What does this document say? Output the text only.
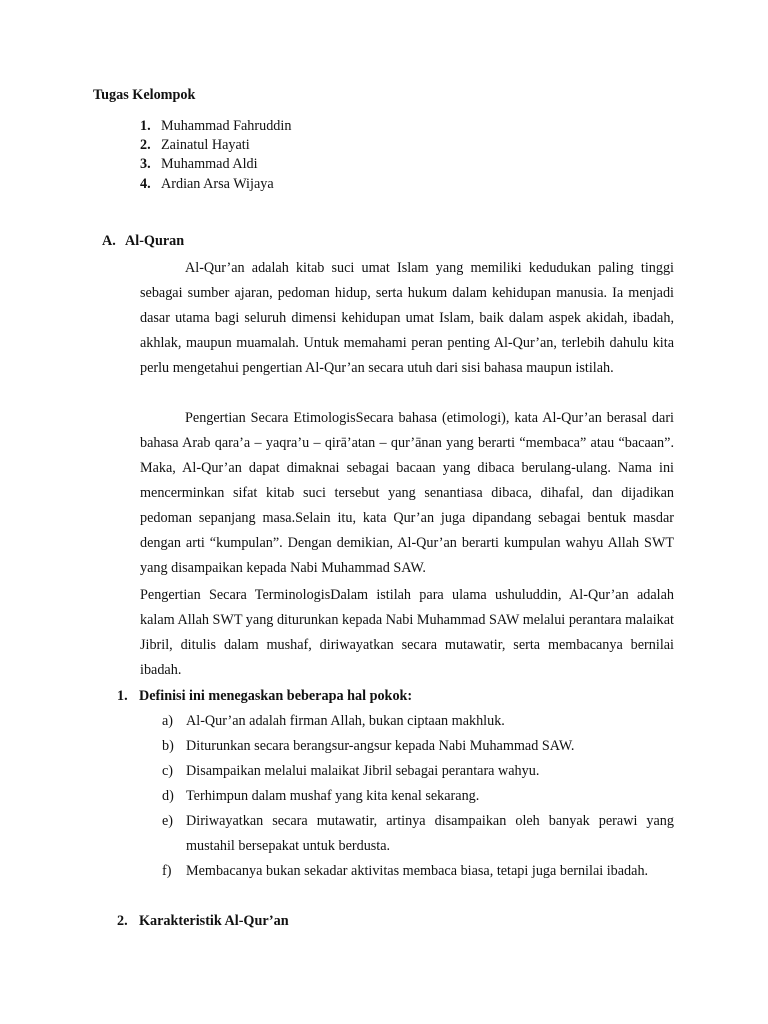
Tugas Kelompok
1. Muhammad Fahruddin
2. Zainatul Hayati
3. Muhammad Aldi
4. Ardian Arsa Wijaya
A. Al-Quran
Al-Qur’an adalah kitab suci umat Islam yang memiliki kedudukan paling tinggi sebagai sumber ajaran, pedoman hidup, serta hukum dalam kehidupan manusia. Ia menjadi dasar utama bagi seluruh dimensi kehidupan umat Islam, baik dalam aspek akidah, ibadah, akhlak, maupun muamalah. Untuk memahami peran penting Al-Qur’an, terlebih dahulu kita perlu mengetahui pengertian Al-Qur’an secara utuh dari sisi bahasa maupun istilah.
Pengertian Secara EtimologisSecara bahasa (etimologi), kata Al-Qur’an berasal dari bahasa Arab qara’a – yaqra’u – qirā’atan – qur’ānan yang berarti “membaca” atau “bacaan”. Maka, Al-Qur’an dapat dimaknai sebagai bacaan yang dibaca berulang-ulang. Nama ini mencerminkan sifat kitab suci tersebut yang senantiasa dibaca, dihafal, dan dijadikan pedoman sepanjang masa.Selain itu, kata Qur’an juga dipandang sebagai bentuk masdar dengan arti “kumpulan”. Dengan demikian, Al-Qur’an berarti kumpulan wahyu Allah SWT yang disampaikan kepada Nabi Muhammad SAW.
Pengertian Secara TerminologisDalam istilah para ulama ushuluddin, Al-Qur’an adalah kalam Allah SWT yang diturunkan kepada Nabi Muhammad SAW melalui perantara malaikat Jibril, ditulis dalam mushaf, diriwayatkan secara mutawatir, serta membacanya bernilai ibadah.
1. Definisi ini menegaskan beberapa hal pokok:
a) Al-Qur’an adalah firman Allah, bukan ciptaan makhluk.
b) Diturunkan secara berangsur-angsur kepada Nabi Muhammad SAW.
c) Disampaikan melalui malaikat Jibril sebagai perantara wahyu.
d) Terhimpun dalam mushaf yang kita kenal sekarang.
e) Diriwayatkan secara mutawatir, artinya disampaikan oleh banyak perawi yang mustahil bersepakat untuk berdusta.
f) Membacanya bukan sekadar aktivitas membaca biasa, tetapi juga bernilai ibadah.
2. Karakteristik Al-Qur’an
